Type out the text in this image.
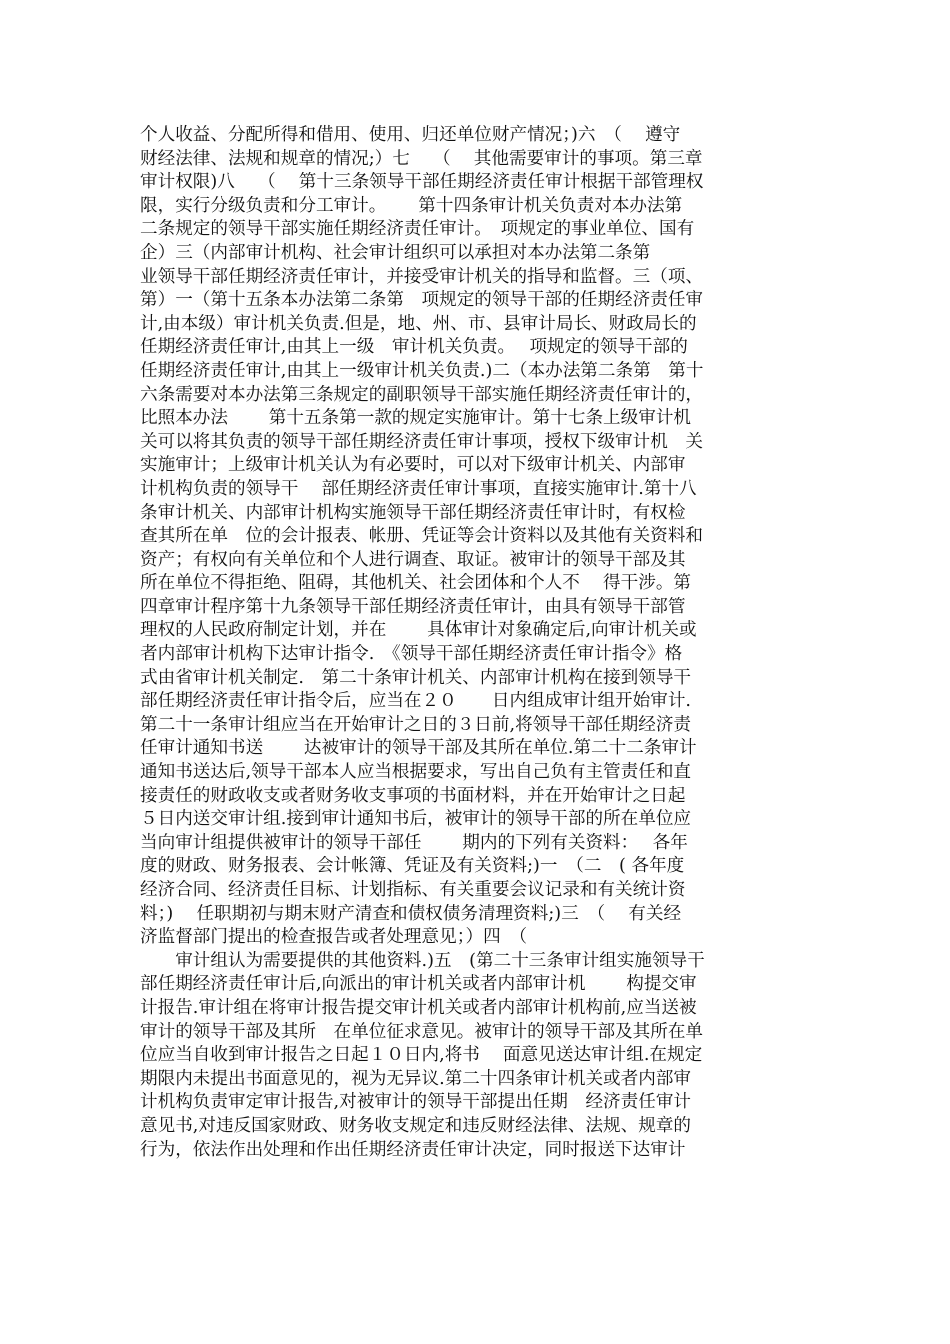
个人收益、分配所得和借用、使用、归还单位财产情况；)六　（　 遵守
财经法律、法规和规章的情况;）七　 （　 其他需要审计的事项。第三章
审计权限)八　 （　 第十三条领导干部任期经济责任审计根据干部管理权
限，实行分级负责和分工审计。　　 第十四条审计机关负责对本办法第
二条规定的领导干部实施任期经济责任审计。　项规定的事业单位、国有
企）三（内部审计机构、社会审计组织可以承担对本办法第二条第
业领导干部任期经济责任审计，并接受审计机关的指导和监督。三（项、
第）一（第十五条本办法第二条第　项规定的领导干部的任期经济责任审
计,由本级）审计机关负责.但是，地、州、市、县审计局长、财政局长的
任期经济责任审计,由其上一级　审计机关负责。　 项规定的领导干部的
任期经济责任审计,由其上一级审计机关负责.)二（本办法第二条第　第十
六条需要对本办法第三条规定的副职领导干部实施任期经济责任审计的，
比照本办法　　 第十五条第一款的规定实施审计。第十七条上级审计机
关可以将其负责的领导干部任期经济责任审计事项，授权下级审计机　关
实施审计；上级审计机关认为有必要时，可以对下级审计机关、内部审
计机构负责的领导干　 部任期经济责任审计事项，直接实施审计.第十八
条审计机关、内部审计机构实施领导干部任期经济责任审计时，有权检
查其所在单　位的会计报表、帐册、凭证等会计资料以及其他有关资料和
资产；有权向有关单位和个人进行调查、取证。被审计的领导干部及其
所在单位不得拒绝、阻碍，其他机关、社会团体和个人不　 得干涉。第
四章审计程序第十九条领导干部任期经济责任审计，由具有领导干部管
理权的人民政府制定计划，并在　　 具体审计对象确定后,向审计机关或
者内部审计机构下达审计指令.　《领导干部任期经济责任审计指令》格
式由省审计机关制定.　第二十条审计机关、内部审计机构在接到领导干
部任期经济责任审计指令后，应当在２０　　日内组成审计组开始审计.
第二十一条审计组应当在开始审计之日的３日前,将领导干部任期经济责
任审计通知书送　　 达被审计的领导干部及其所在单位.第二十二条审计
通知书送达后,领导干部本人应当根据要求，写出自己负有主管责任和直
接责任的财政收支或者财务收支事项的书面材料，并在开始审计之日起
５日内送交审计组.接到审计通知书后，被审计的领导干部的所在单位应
当向审计组提供被审计的领导干部任　　 期内的下列有关资料：　 各年
度的财政、财务报表、会计帐簿、凭证及有关资料;)一　（二　( 各年度
经济合同、经济责任目标、计划指标、有关重要会议记录和有关统计资
料；)　 任职期初与期末财产清查和债权债务清理资料;)三　（　 有关经
济监督部门提出的检查报告或者处理意见；）四　（
　　审计组认为需要提供的其他资料.)五　(第二十三条审计组实施领导干
部任期经济责任审计后,向派出的审计机关或者内部审计机　　 构提交审
计报告.审计组在将审计报告提交审计机关或者内部审计机构前,应当送被
审计的领导干部及其所　在单位征求意见。被审计的领导干部及其所在单
位应当自收到审计报告之日起１０日内,将书　 面意见送达审计组.在规定
期限内未提出书面意见的，视为无异议.第二十四条审计机关或者内部审
计机构负责审定审计报告,对被审计的领导干部提出任期　经济责任审计
意见书,对违反国家财政、财务收支规定和违反财经法律、法规、规章的
行为，依法作出处理和作出任期经济责任审计决定，同时报送下达审计
